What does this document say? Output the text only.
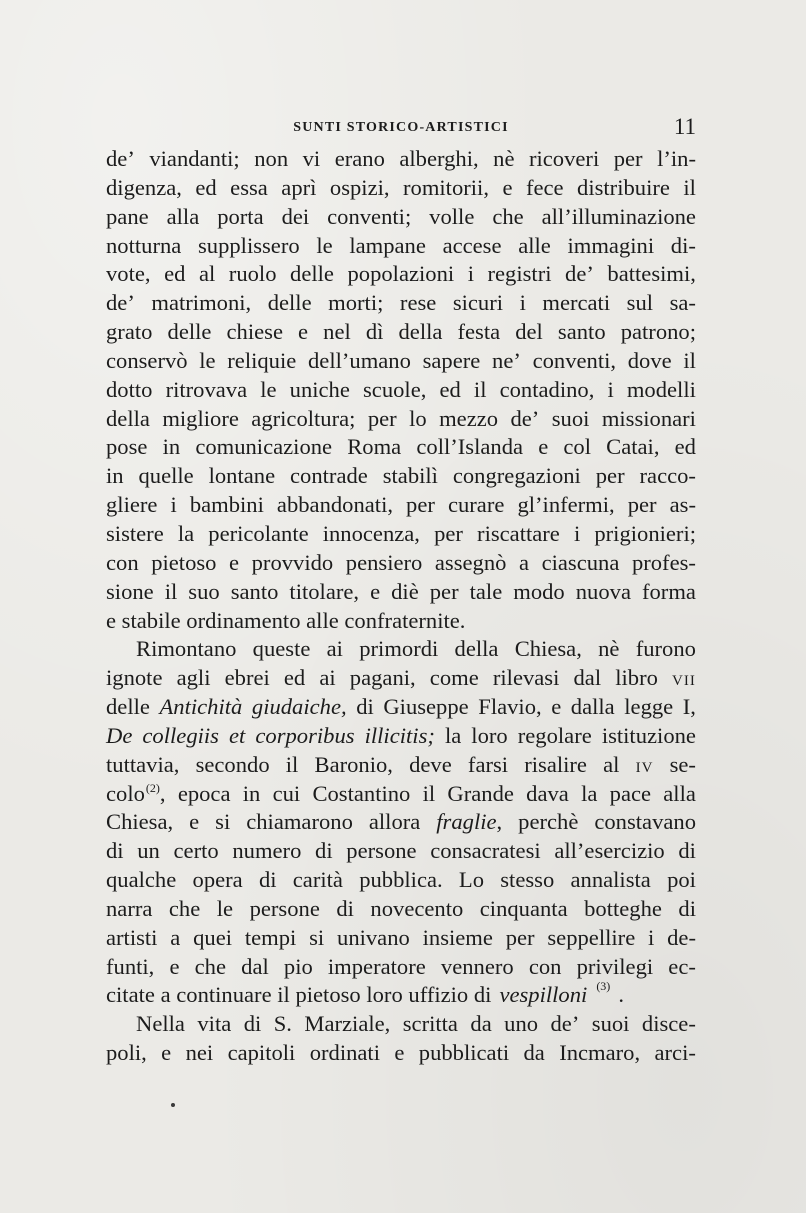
SUNTI STORICO-ARTISTICI	11
de’ viandanti; non vi erano alberghi, nè ricoveri per l’in-
digenza, ed essa aprì ospizi, romitorii, e fece distribuire il
pane alla porta dei conventi; volle che all’illuminazione
notturna supplissero le lampane accese alle immagini di-
vote, ed al ruolo delle popolazioni i registri de’ battesimi,
de’ matrimoni, delle morti; rese sicuri i mercati sul sa-
grato delle chiese e nel dì della festa del santo patrono;
conservò le reliquie dell’umano sapere ne’ conventi, dove il
dotto ritrovava le uniche scuole, ed il contadino, i modelli
della migliore agricoltura; per lo mezzo de’ suoi missionari
pose in comunicazione Roma coll’Islanda e col Catai, ed
in quelle lontane contrade stabilì congregazioni per racco-
gliere i bambini abbandonati, per curare gl’infermi, per as-
sistere la pericolante innocenza, per riscattare i prigionieri;
con pietoso e provvido pensiero assegnò a ciascuna profes-
sione il suo santo titolare, e diè per tale modo nuova forma
e stabile ordinamento alle confraternite.
Rimontano queste ai primordi della Chiesa, nè furono
ignote agli ebrei ed ai pagani, come rilevasi dal libro VII
delle Antichità giudaiche, di Giuseppe Flavio, e dalla legge I,
De collegiis et corporibus illicitis; la loro regolare istituzione
tuttavia, secondo il Baronio, deve farsi risalire al IV se-
colo(2), epoca in cui Costantino il Grande dava la pace alla
Chiesa, e si chiamarono allora fraglie, perchè constavano
di un certo numero di persone consacratesi all’esercizio di
qualche opera di carità pubblica. Lo stesso annalista poi
narra che le persone di novecento cinquanta botteghe di
artisti a quei tempi si univano insieme per seppellire i de-
funti, e che dal pio imperatore vennero con privilegi ec-
citate a continuare il pietoso loro uffizio di vespilloni (3) .
Nella vita di S. Marziale, scritta da uno de’ suoi disce-
poli, e nei capitoli ordinati e pubblicati da Incmaro, arci-
